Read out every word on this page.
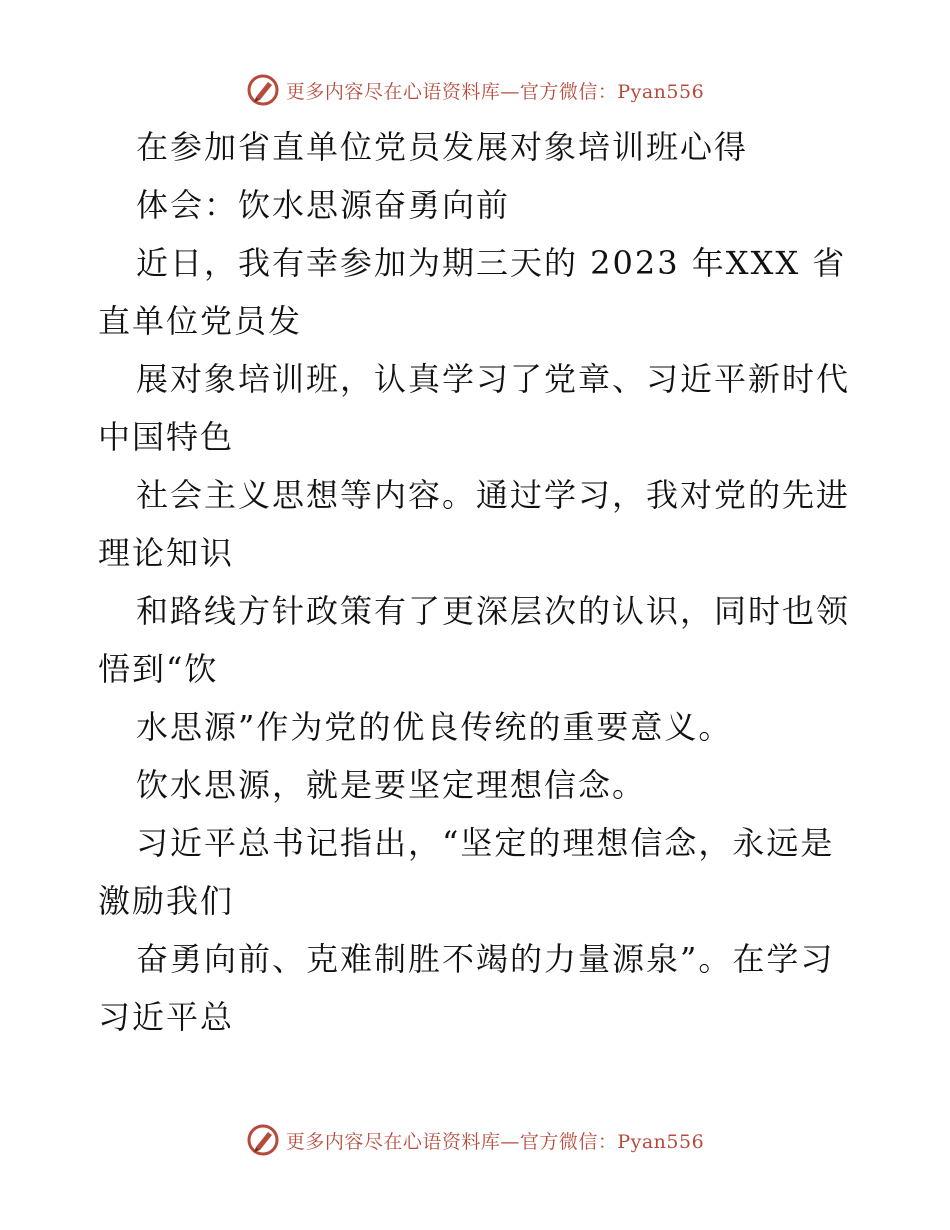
更多内容尽在心语资料库—官方微信：Pyan556
在参加省直单位党员发展对象培训班心得
体会：饮水思源奋勇向前
近日，我有幸参加为期三天的 2023 年XXX 省
直单位党员发
展对象培训班，认真学习了党章、习近平新时代
中国特色
社会主义思想等内容。通过学习，我对党的先进
理论知识
和路线方针政策有了更深层次的认识，同时也领
悟到“饮
水思源”作为党的优良传统的重要意义。
饮水思源，就是要坚定理想信念。
习近平总书记指出，“坚定的理想信念，永远是
激励我们
奋勇向前、克难制胜不竭的力量源泉”。在学习
习近平总
更多内容尽在心语资料库—官方微信：Pyan556
